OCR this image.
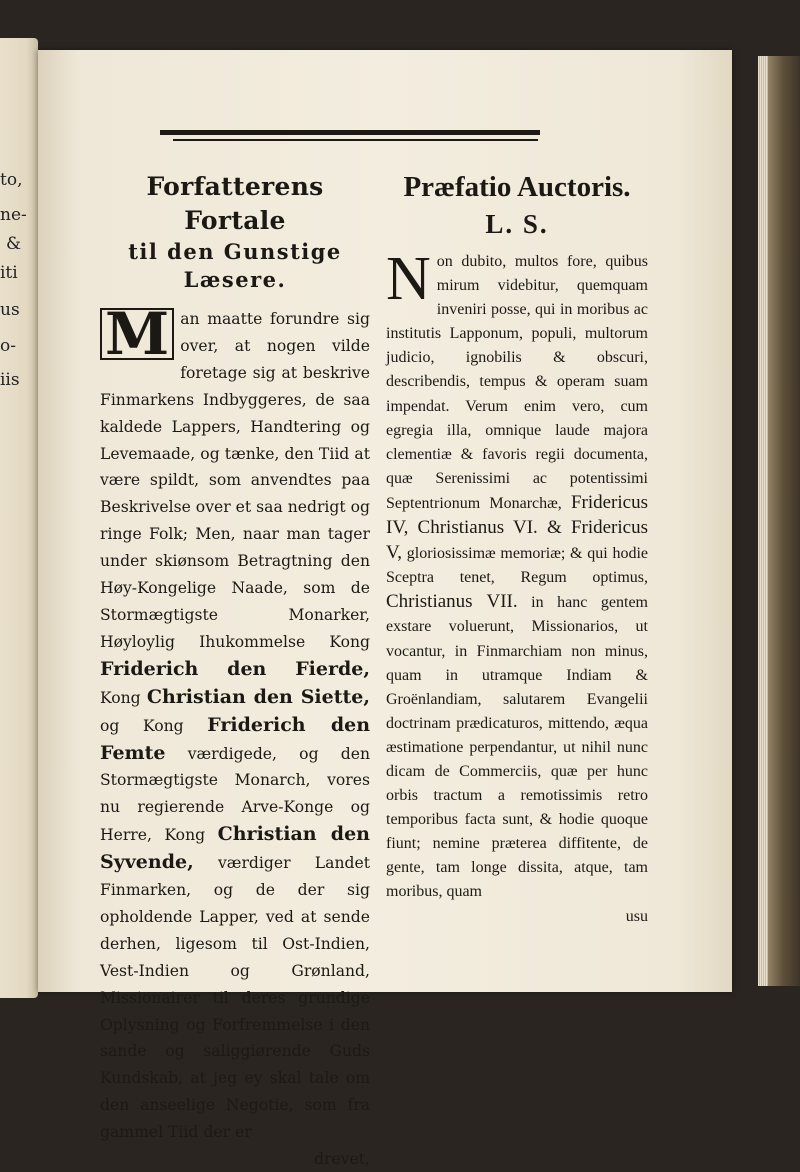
to,
ne-
&
iti
us
o-
iis
Forfatterens Fortale
til den Gunstige Læsere.

M an maatte forundre sig over, at nogen vilde foretage sig at beskrive Finmarkens Indbyggeres, de saa kaldede Lappers, Handtering og Levemaade, og tænke, den Tiid at være spildt, som anvendtes paa Beskrivelse over et saa nedrigt og ringe Folk; Men, naar man tager under skiønsom Betragtning den Høy-Kongelige Naade, som de Stormægtigste Monarker, Høyloylig Ihukommelse Kong Friderich den Fierde, Kong Christian den Siette, og Kong Friderich den Femte værdigede, og den Stormægtigste Monarch, vores nu regierende Arve-Konge og Herre, Kong Christian den Syvende, værdiger Landet Finmarken, og de der sig opholdende Lapper, ved at sende derhen, ligesom til Ost-Indien, Vest-Indien og Grønland, Missionairer til deres grundige Oplysning og Forfremmelse i den sande og saliggiørende Guds Kundskab, at jeg ey skal tale om den anseelige Negotie, som fra gammel Tiid der er

drevet,

Præfatio Auctoris.
L. S.

Non dubito, multos fore, quibus mirum videbitur, quemquam inveniri posse, qui in moribus ac institutis Lapponum, populi, multorum judicio, ignobilis & obscuri, describendis, tempus & operam suam impendat. Verum enim vero, cum egregia illa, omnique laude majora clementiæ & favoris regii documenta, quæ Serenissimi ac potentissimi Septentrionum Monarchæ, Fridericus IV, Christianus VI. & Fridericus V, gloriosissimæ memoriæ; & qui hodie Sceptra tenet, Regum optimus, Christianus VII. in hanc gentem exstare voluerunt, Missionarios, ut vocantur, in Finmarchiam non minus, quam in utramque Indiam & Groënlandiam, salutarem Evangelii doctrinam prædicaturos, mittendo, æqua æstimatione perpendantur, ut nihil nunc dicam de Commerciis, quæ per hunc orbis tractum a remotissimis retro temporibus facta sunt, & hodie quoque fiunt; nemine præterea diffitente, de gente, tam longe dissita, atque, tam moribus, quam

usu
